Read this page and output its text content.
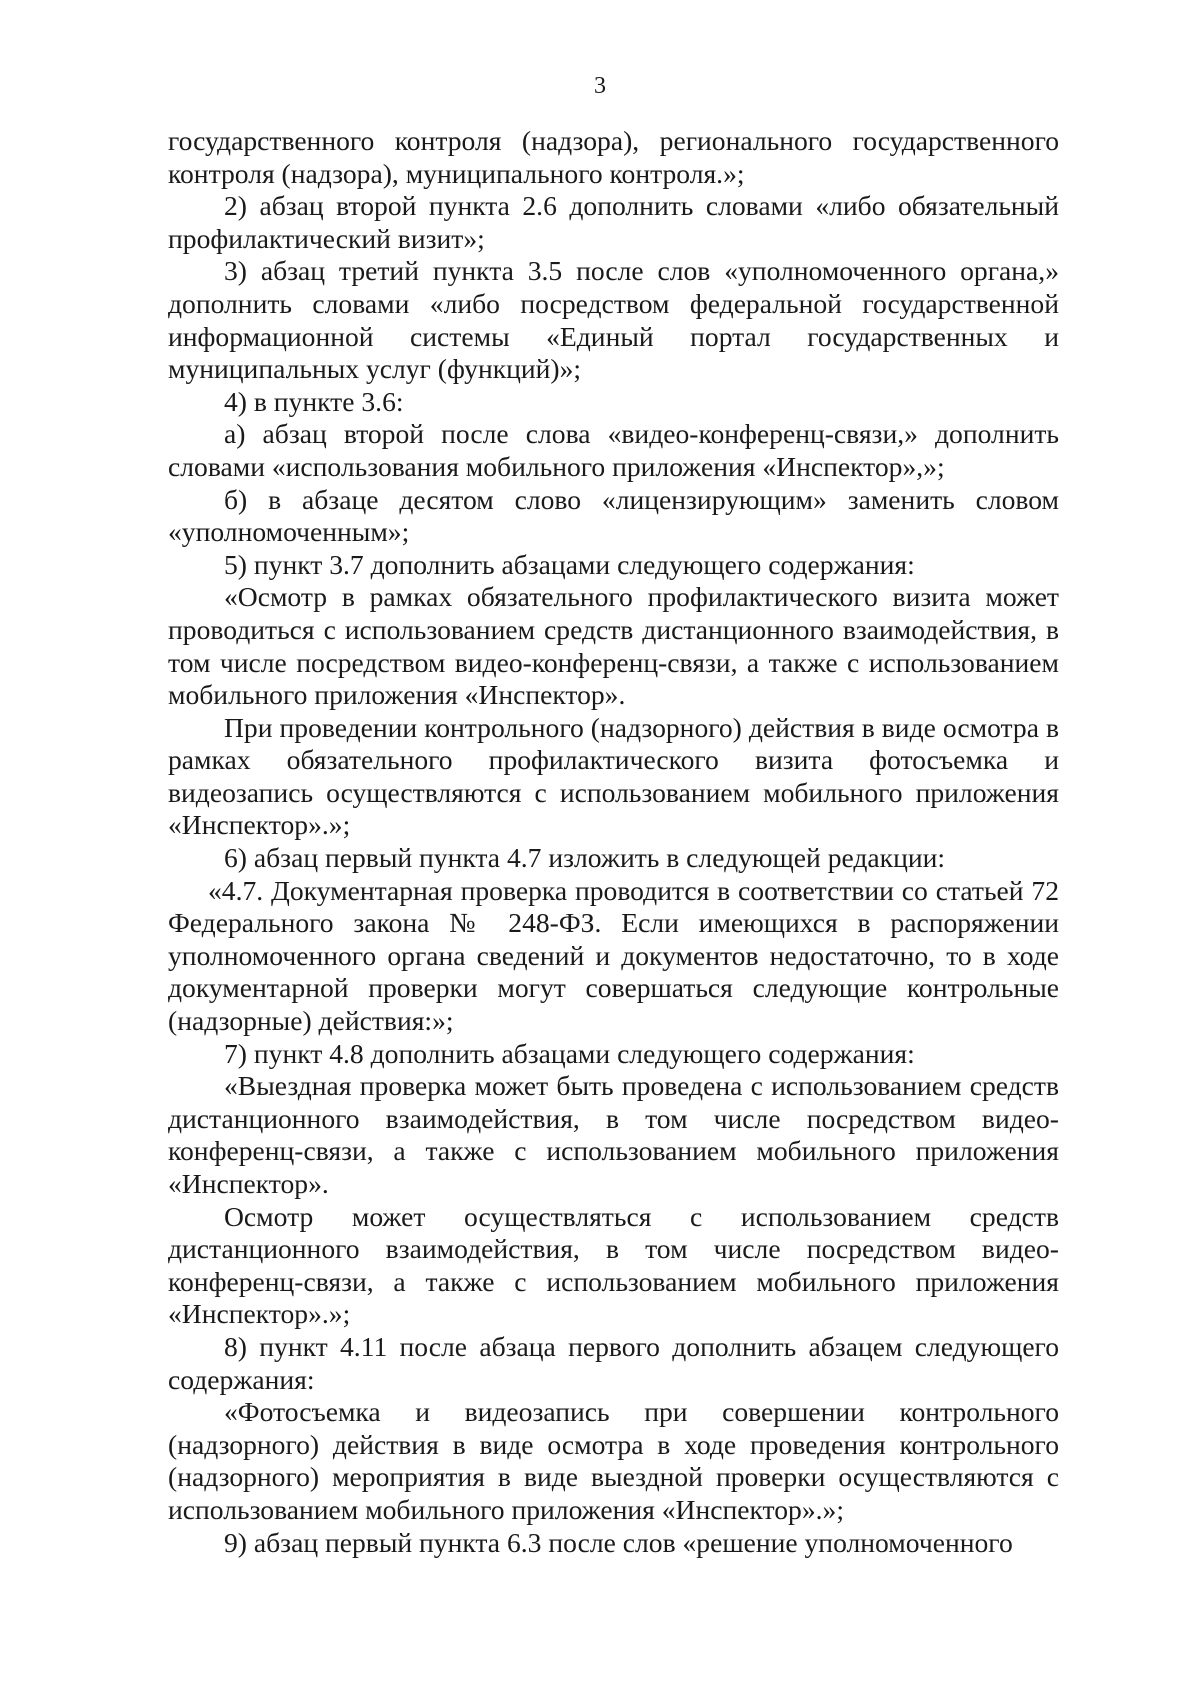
3

государственного контроля (надзора), регионального государственного контроля (надзора), муниципального контроля.»;

2) абзац второй пункта 2.6 дополнить словами «либо обязательный профилактический визит»;

3) абзац третий пункта 3.5 после слов «уполномоченного органа,» дополнить словами «либо посредством федеральной государственной информационной системы «Единый портал государственных и муниципальных услуг (функций)»;

4) в пункте 3.6:

а) абзац второй после слова «видео-конференц-связи,» дополнить словами «использования мобильного приложения «Инспектор»,»;

б) в абзаце десятом слово «лицензирующим» заменить словом «уполномоченным»;

5) пункт 3.7 дополнить абзацами следующего содержания:

«Осмотр в рамках обязательного профилактического визита может проводиться с использованием средств дистанционного взаимодействия, в том числе посредством видео-конференц-связи, а также с использованием мобильного приложения «Инспектор».

При проведении контрольного (надзорного) действия в виде осмотра в рамках обязательного профилактического визита фотосъемка и видеозапись осуществляются с использованием мобильного приложения «Инспектор».»;

6) абзац первый пункта 4.7 изложить в следующей редакции:

«4.7. Документарная проверка проводится в соответствии со статьей 72 Федерального закона № 248-ФЗ. Если имеющихся в распоряжении уполномоченного органа сведений и документов недостаточно, то в ходе документарной проверки могут совершаться следующие контрольные (надзорные) действия:»;

7) пункт 4.8 дополнить абзацами следующего содержания:

«Выездная проверка может быть проведена с использованием средств дистанционного взаимодействия, в том числе посредством видео-конференц-связи, а также с использованием мобильного приложения «Инспектор».

Осмотр может осуществляться с использованием средств дистанционного взаимодействия, в том числе посредством видео-конференц-связи, а также с использованием мобильного приложения «Инспектор».»;

8) пункт 4.11 после абзаца первого дополнить абзацем следующего содержания:

«Фотосъемка и видеозапись при совершении контрольного (надзорного) действия в виде осмотра в ходе проведения контрольного (надзорного) мероприятия в виде выездной проверки осуществляются с использованием мобильного приложения «Инспектор».»;

9) абзац первый пункта 6.3 после слов «решение уполномоченного
